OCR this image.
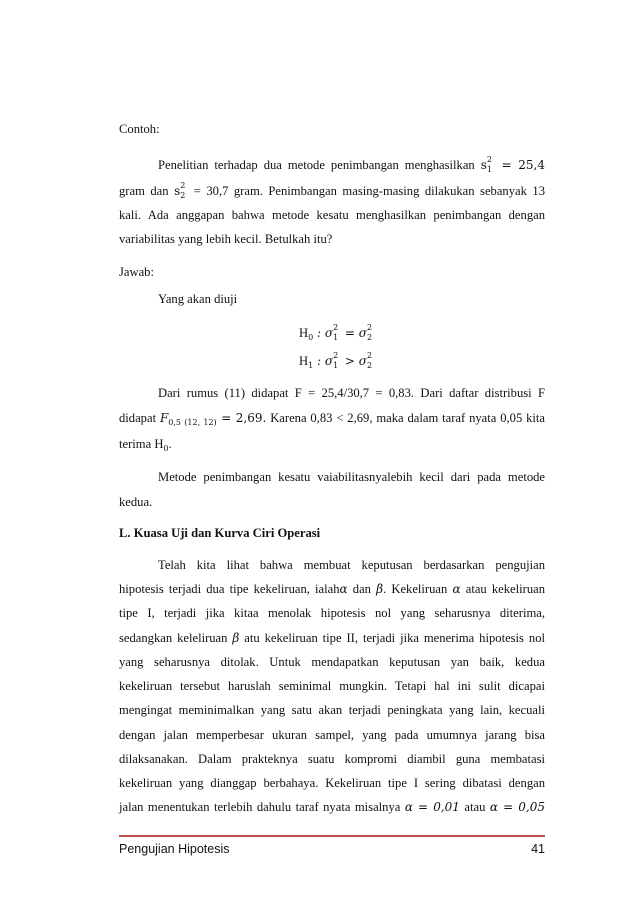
Contoh:
Penelitian terhadap dua metode penimbangan menghasilkan s 2
1 = 25,4
gram dan s 2
2 = 30,7 gram. Penimbangan masing-masing dilakukan sebanyak 13
kali. Ada anggapan bahwa metode kesatu menghasilkan penimbangan dengan
variabilitas yang lebih kecil. Betulkah itu?
Jawab:
Yang akan diuji
$H_0$ : σ 2
1 = σ 2
2
$H_1$ : σ 2
1 > σ 2
2
Dari rumus (11) didapat F = 25,4/30,7 = 0,83. Dari daftar distribusi F
didapat $F_{0,5 (12, 12)} = 2,69$. Karena 0,83 < 2,69, maka dalam taraf nyata 0,05 kita
terima $H_0$.
Metode penimbangan kesatu vaiabilitasnyalebih kecil dari pada metode
kedua.
L. Kuasa Uji dan Kurva Ciri Operasi
Telah kita lihat bahwa membuat keputusan berdasarkan pengujian
hipotesis terjadi dua tipe kekeliruan, ialahα dan β. Kekeliruan α atau kekeliruan
tipe I, terjadi jika kitaa menolak hipotesis nol yang seharusnya diterima,
sedangkan keleliruan β atu kekeliruan tipe II, terjadi jika menerima hipotesis nol
yang seharusnya ditolak. Untuk mendapatkan keputusan yan baik, kedua
kekeliruan tersebut haruslah seminimal mungkin. Tetapi hal ini sulit dicapai
mengingat meminimalkan yang satu akan terjadi peningkata yang lain, kecuali
dengan jalan memperbesar ukuran sampel, yang pada umumnya jarang bisa
dilaksanakan. Dalam prakteknya suatu kompromi diambil guna membatasi
kekeliruan yang dianggap berbahaya. Kekeliruan tipe I sering dibatasi dengan
jalan menentukan terlebih dahulu taraf nyata misalnya α = 0,01 atau α = 0,05
Pengujian Hipotesis	41
